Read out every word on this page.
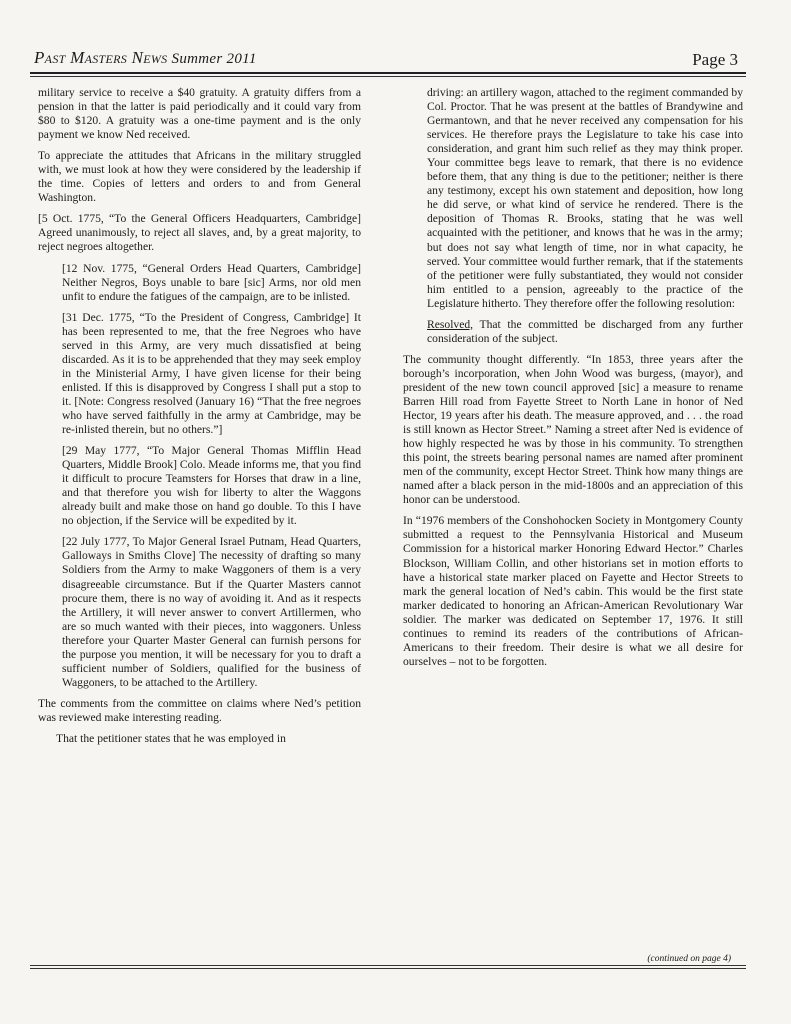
Past Masters News Summer 2011	Page 3

military service to receive a $40 gratuity. A gratuity differs from a pension in that the latter is paid periodically and it could vary from $80 to $120. A gratuity was a one-time payment and is the only payment we know Ned received.

To appreciate the attitudes that Africans in the military struggled with, we must look at how they were considered by the leadership if the time. Copies of letters and orders to and from General Washington.

[5 Oct. 1775, “To the General Officers Headquarters, Cambridge] Agreed unanimously, to reject all slaves, and, by a great majority, to reject negroes altogether.

[12 Nov. 1775, “General Orders Head Quarters, Cambridge] Neither Negros, Boys unable to bare [sic] Arms, nor old men unfit to endure the fatigues of the campaign, are to be inlisted.

[31 Dec. 1775, “To the President of Congress, Cambridge] It has been represented to me, that the free Negroes who have served in this Army, are very much dissatisfied at being discarded. As it is to be apprehended that they may seek employ in the Ministerial Army, I have given license for their being enlisted. If this is disapproved by Congress I shall put a stop to it. [Note: Congress resolved (January 16) “That the free negroes who have served faithfully in the army at Cambridge, may be re-inlisted therein, but no others.”]

[29 May 1777, “To Major General Thomas Mifflin Head Quarters, Middle Brook] Colo. Meade informs me, that you find it difficult to procure Teamsters for Horses that draw in a line, and that therefore you wish for liberty to alter the Waggons already built and make those on hand go double. To this I have no objection, if the Service will be expedited by it.

[22 July 1777, To Major General Israel Putnam, Head Quarters, Galloways in Smiths Clove] The necessity of drafting so many Soldiers from the Army to make Waggoners of them is a very disagreeable circumstance. But if the Quarter Masters cannot procure them, there is no way of avoiding it. And as it respects the Artillery, it will never answer to convert Artillermen, who are so much wanted with their pieces, into waggoners. Unless therefore your Quarter Master General can furnish persons for the purpose you mention, it will be necessary for you to draft a sufficient number of Soldiers, qualified for the business of Waggoners, to be attached to the Artillery.

The comments from the committee on claims where Ned’s petition was reviewed make interesting reading.

That the petitioner states that he was employed in

driving: an artillery wagon, attached to the regiment commanded by Col. Proctor. That he was present at the battles of Brandywine and Germantown, and that he never received any compensation for his services. He therefore prays the Legislature to take his case into consideration, and grant him such relief as they may think proper. Your committee begs leave to remark, that there is no evidence before them, that any thing is due to the petitioner; neither is there any testimony, except his own statement and deposition, how long he did serve, or what kind of service he rendered. There is the deposition of Thomas R. Brooks, stating that he was well acquainted with the petitioner, and knows that he was in the army; but does not say what length of time, nor in what capacity, he served. Your committee would further remark, that if the statements of the petitioner were fully substantiated, they would not consider him entitled to a pension, agreeably to the practice of the Legislature hitherto. They therefore offer the following resolution:

Resolved, That the committed be discharged from any further consideration of the subject.

The community thought differently. “In 1853, three years after the borough’s incorporation, when John Wood was burgess, (mayor), and president of the new town council approved [sic] a measure to rename Barren Hill road from Fayette Street to North Lane in honor of Ned Hector, 19 years after his death. The measure approved, and . . . the road is still known as Hector Street.” Naming a street after Ned is evidence of how highly respected he was by those in his community. To strengthen this point, the streets bearing personal names are named after prominent men of the community, except Hector Street. Think how many things are named after a black person in the mid-1800s and an appreciation of this honor can be understood.

In “1976 members of the Conshohocken Society in Montgomery County submitted a request to the Pennsylvania Historical and Museum Commission for a historical marker Honoring Edward Hector.” Charles Blockson, William Collin, and other historians set in motion efforts to have a historical state marker placed on Fayette and Hector Streets to mark the general location of Ned’s cabin. This would be the first state marker dedicated to honoring an African-American Revolutionary War soldier. The marker was dedicated on September 17, 1976. It still continues to remind its readers of the contributions of African-Americans to their freedom. Their desire is what we all desire for ourselves – not to be forgotten.

(continued on page 4)
